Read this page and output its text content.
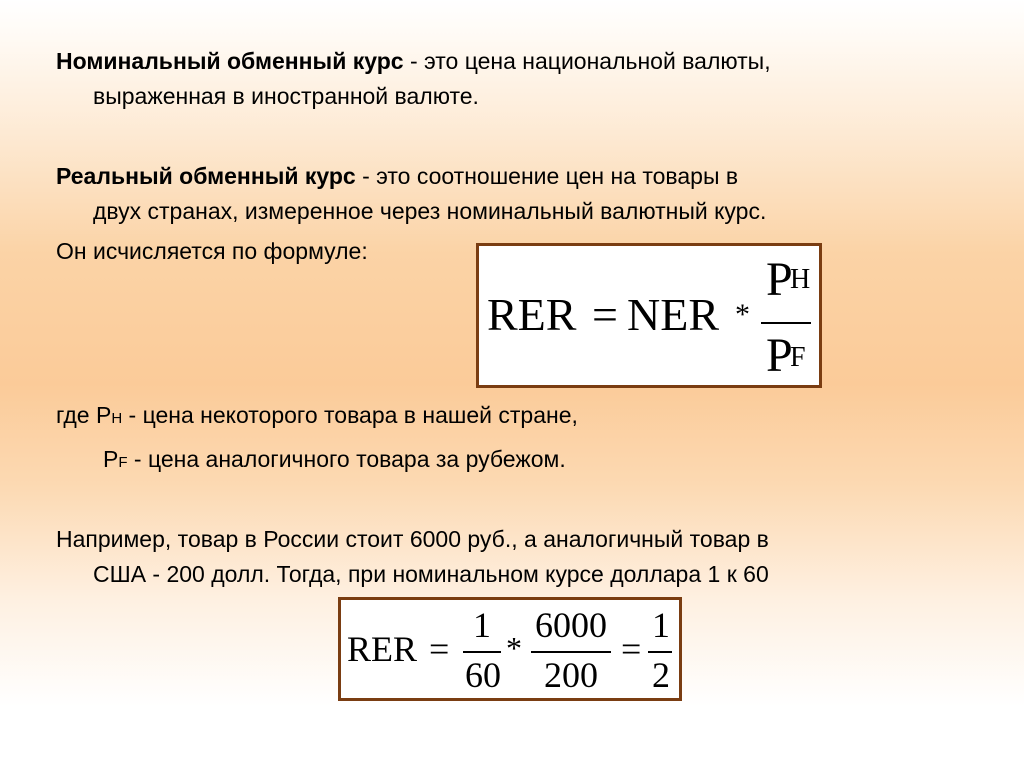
Номинальный обменный курс - это цена национальной валюты,
выраженная в иностранной валюте.

Реальный обменный курс - это соотношение цен на товары в
двух странах, измеренное через номинальный валютный курс.

Он исчисляется по формуле:

RER = NER *
P
H
P
F

где PH - цена некоторого товара в нашей стране,

PF - цена аналогичного товара за рубежом.

Например, товар в России стоит 6000 руб., а аналогичный товар в
США - 200 долл. Тогда, при номинальном курсе доллара 1 к 60

RER =
1
60
*
6000
200
=
1
2
